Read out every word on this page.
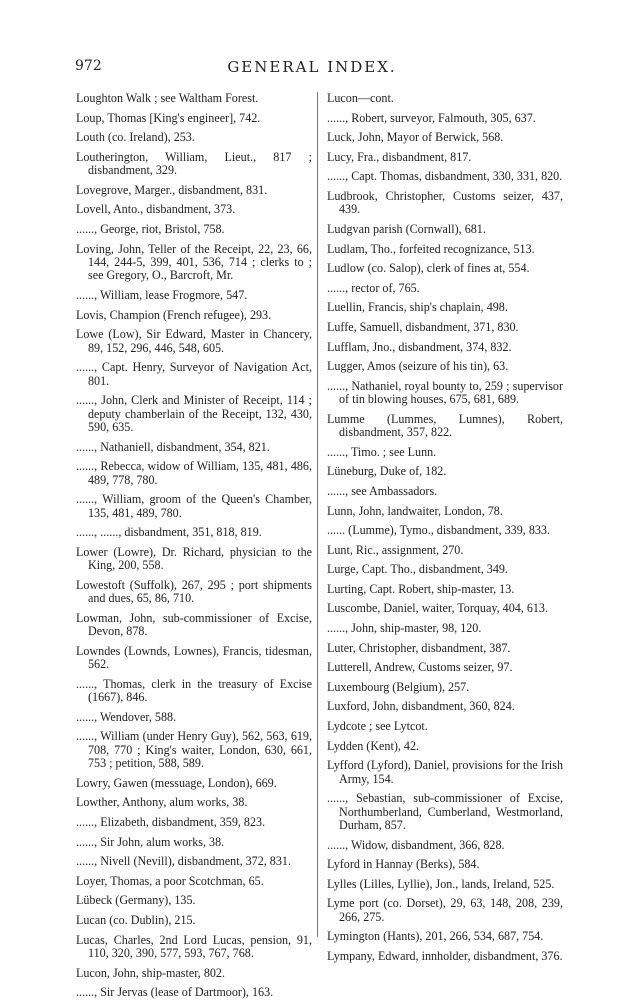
972	GENERAL INDEX.
Loughton Walk ; see Waltham Forest.
Loup, Thomas [King's engineer], 742.
Louth (co. Ireland), 253.
Loutherington, William, Lieut., 817 ; disbandment, 329.
Lovegrove, Marger., disbandment, 831.
Lovell, Anto., disbandment, 373.
......, George, riot, Bristol, 758.
Loving, John, Teller of the Receipt, 22, 23, 66, 144, 244-5, 399, 401, 536, 714 ; clerks to ; see Gregory, O., Barcroft, Mr.
......, William, lease Frogmore, 547.
Lovis, Champion (French refugee), 293.
Lowe (Low), Sir Edward, Master in Chancery, 89, 152, 296, 446, 548, 605.
......, Capt. Henry, Surveyor of Navigation Act, 801.
......, John, Clerk and Minister of Receipt, 114 ; deputy chamberlain of the Receipt, 132, 430, 590, 635.
......, Nathaniell, disbandment, 354, 821.
......, Rebecca, widow of William, 135, 481, 486, 489, 778, 780.
......, William, groom of the Queen's Chamber, 135, 481, 489, 780.
......, ......, disbandment, 351, 818, 819.
Lower (Lowre), Dr. Richard, physician to the King, 200, 558.
Lowestoft (Suffolk), 267, 295 ; port shipments and dues, 65, 86, 710.
Lowman, John, sub-commissioner of Excise, Devon, 878.
Lowndes (Lownds, Lownes), Francis, tidesman, 562.
......, Thomas, clerk in the treasury of Excise (1667), 846.
......, Wendover, 588.
......, William (under Henry Guy), 562, 563, 619, 708, 770 ; King's waiter, London, 630, 661, 753 ; petition, 588, 589.
Lowry, Gawen (messuage, London), 669.
Lowther, Anthony, alum works, 38.
......, Elizabeth, disbandment, 359, 823.
......, Sir John, alum works, 38.
......, Nivell (Nevill), disbandment, 372, 831.
Loyer, Thomas, a poor Scotchman, 65.
Lübeck (Germany), 135.
Lucan (co. Dublin), 215.
Lucas, Charles, 2nd Lord Lucas, pension, 91, 110, 320, 390, 577, 593, 767, 768.
Lucon, John, ship-master, 802.
......, Sir Jervas (lease of Dartmoor), 163.
Lucon—cont.
......, Robert, surveyor, Falmouth, 305, 637.
Luck, John, Mayor of Berwick, 568.
Lucy, Fra., disbandment, 817.
......, Capt. Thomas, disbandment, 330, 331, 820.
Ludbrook, Christopher, Customs seizer, 437, 439.
Ludgvan parish (Cornwall), 681.
Ludlam, Tho., forfeited recognizance, 513.
Ludlow (co. Salop), clerk of fines at, 554.
......, rector of, 765.
Luellin, Francis, ship's chaplain, 498.
Luffe, Samuell, disbandment, 371, 830.
Lufflam, Jno., disbandment, 374, 832.
Lugger, Amos (seizure of his tin), 63.
......, Nathaniel, royal bounty to, 259 ; supervisor of tin blowing houses, 675, 681, 689.
Lumme (Lummes, Lumnes), Robert, disbandment, 357, 822.
......, Timo. ; see Lunn.
Lüneburg, Duke of, 182.
......, see Ambassadors.
Lunn, John, landwaiter, London, 78.
...... (Lumme), Tymo., disbandment, 339, 833.
Lunt, Ric., assignment, 270.
Lurge, Capt. Tho., disbandment, 349.
Lurting, Capt. Robert, ship-master, 13.
Luscombe, Daniel, waiter, Torquay, 404, 613.
......, John, ship-master, 98, 120.
Luter, Christopher, disbandment, 387.
Lutterell, Andrew, Customs seizer, 97.
Luxembourg (Belgium), 257.
Luxford, John, disbandment, 360, 824.
Lydcote ; see Lytcot.
Lydden (Kent), 42.
Lyfford (Lyford), Daniel, provisions for the Irish Army, 154.
......, Sebastian, sub-commissioner of Excise, Northumberland, Cumberland, Westmorland, Durham, 857.
......, Widow, disbandment, 366, 828.
Lyford in Hannay (Berks), 584.
Lylles (Lilles, Lyllie), Jon., lands, Ireland, 525.
Lyme port (co. Dorset), 29, 63, 148, 208, 239, 266, 275.
Lymington (Hants), 201, 266, 534, 687, 754.
Lympany, Edward, innholder, disbandment, 376.
